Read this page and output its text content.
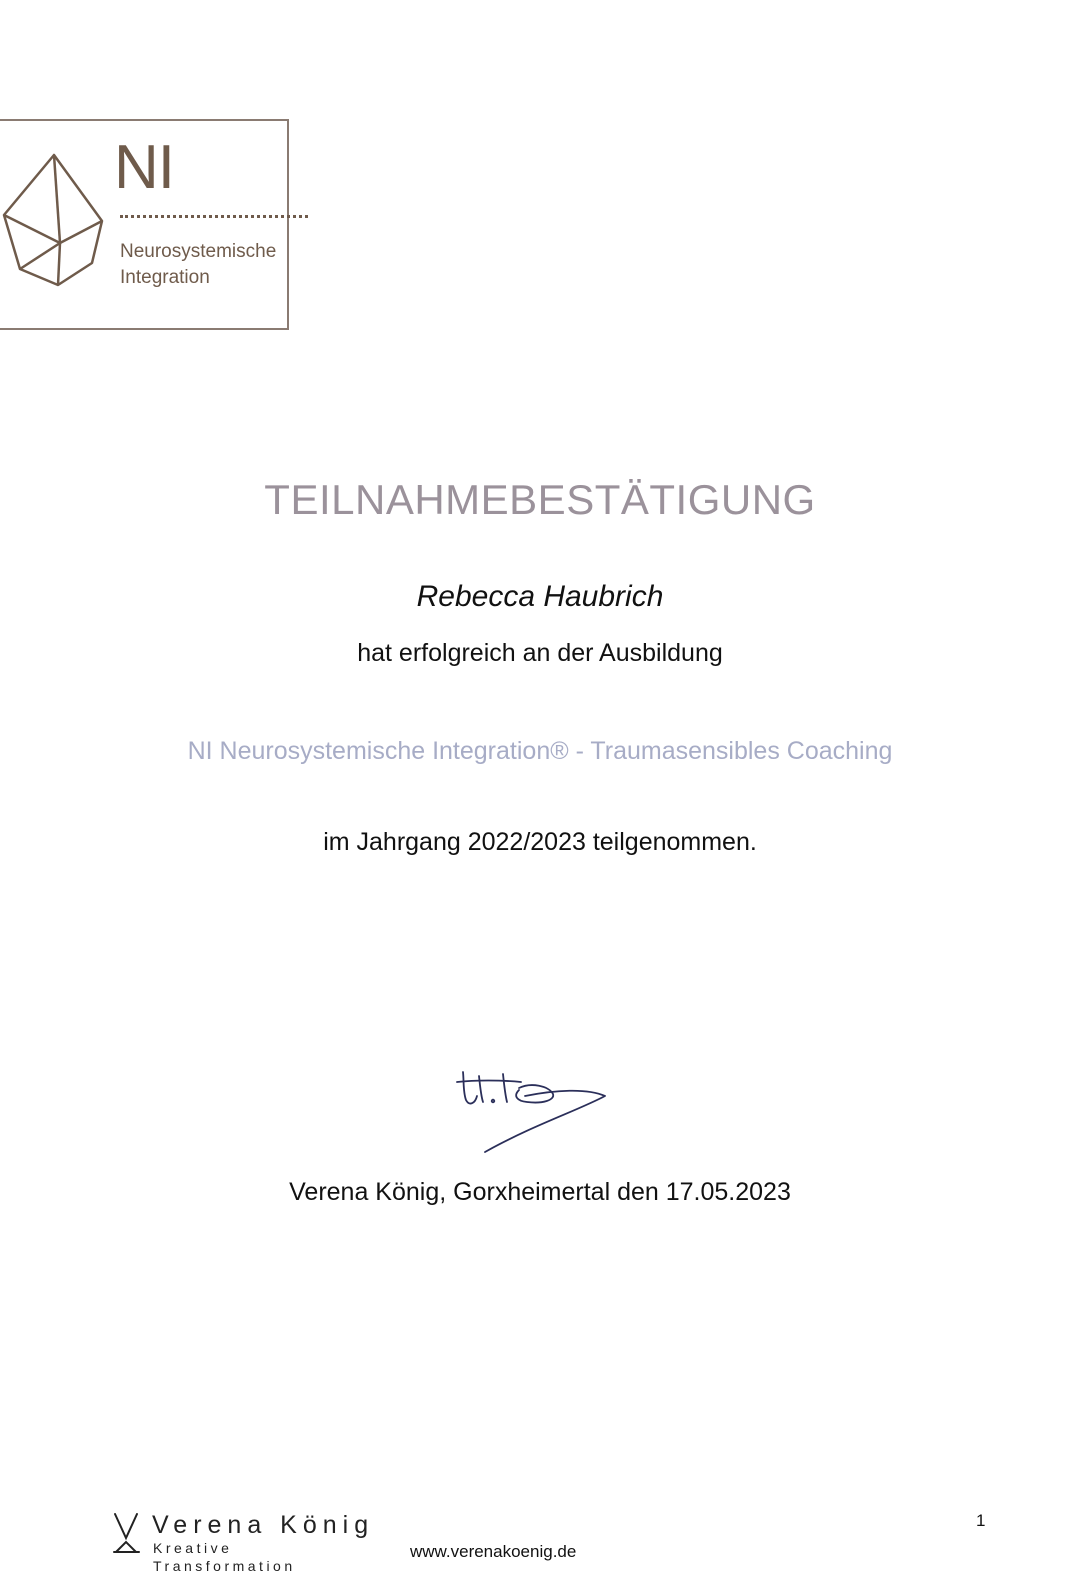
NI
Neurosystemische
Integration
TEILNAHMEBESTÄTIGUNG
Rebecca Haubrich
hat erfolgreich an der Ausbildung
NI Neurosystemische Integration® - Traumasensibles Coaching
im Jahrgang 2022/2023 teilgenommen.
Verena König, Gorxheimertal den 17.05.2023
Verena König
Kreative Transformation
www.verenakoenig.de
1
